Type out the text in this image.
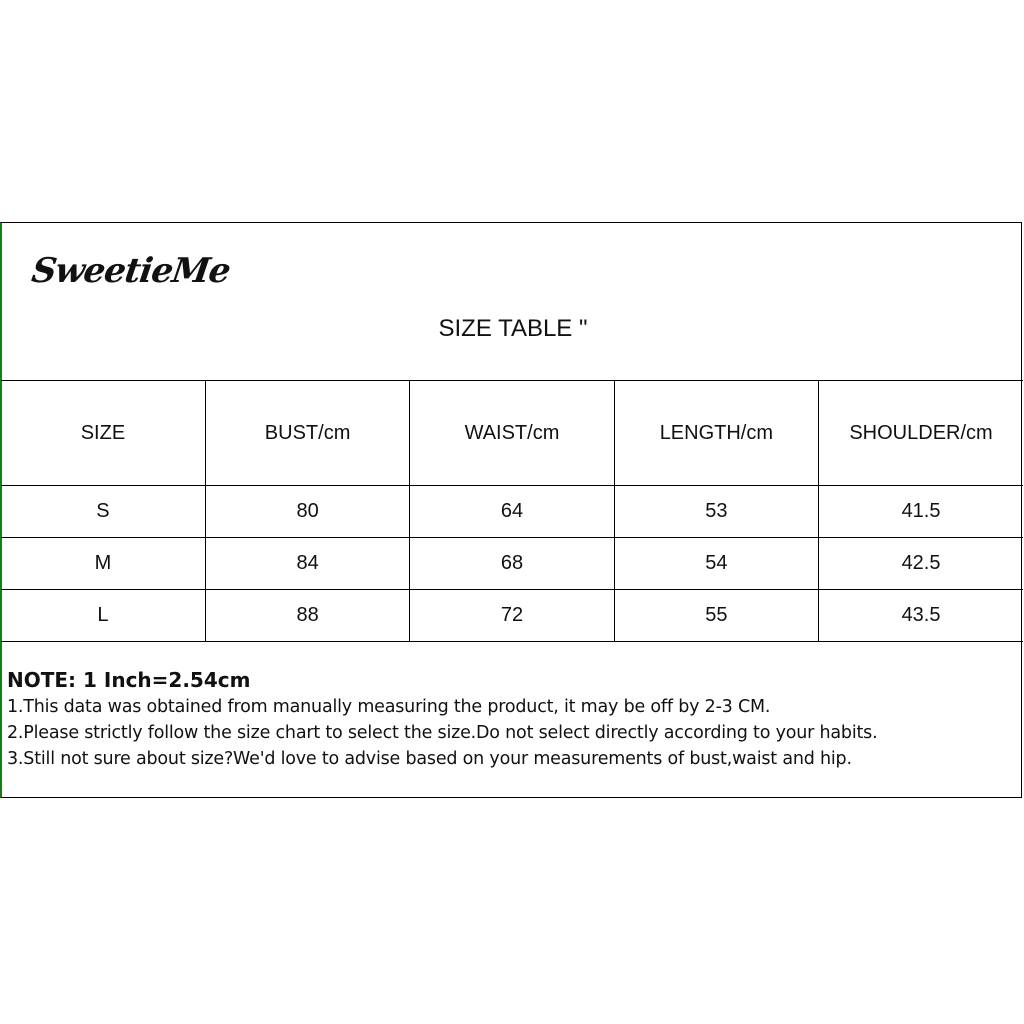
SweetieMe
SIZE TABLE "
SIZE	BUST/cm	WAIST/cm	LENGTH/cm	SHOULDER/cm
S	80	64	53	41.5
M	84	68	54	42.5
L	88	72	55	43.5
NOTE: 1 Inch=2.54cm
1.This data was obtained from manually measuring the product, it may be off by 2-3 CM.
2.Please strictly follow the size chart to select the size.Do not select directly according to your habits.
3.Still not sure about size?We'd love to advise based on your measurements of bust,waist and hip.
